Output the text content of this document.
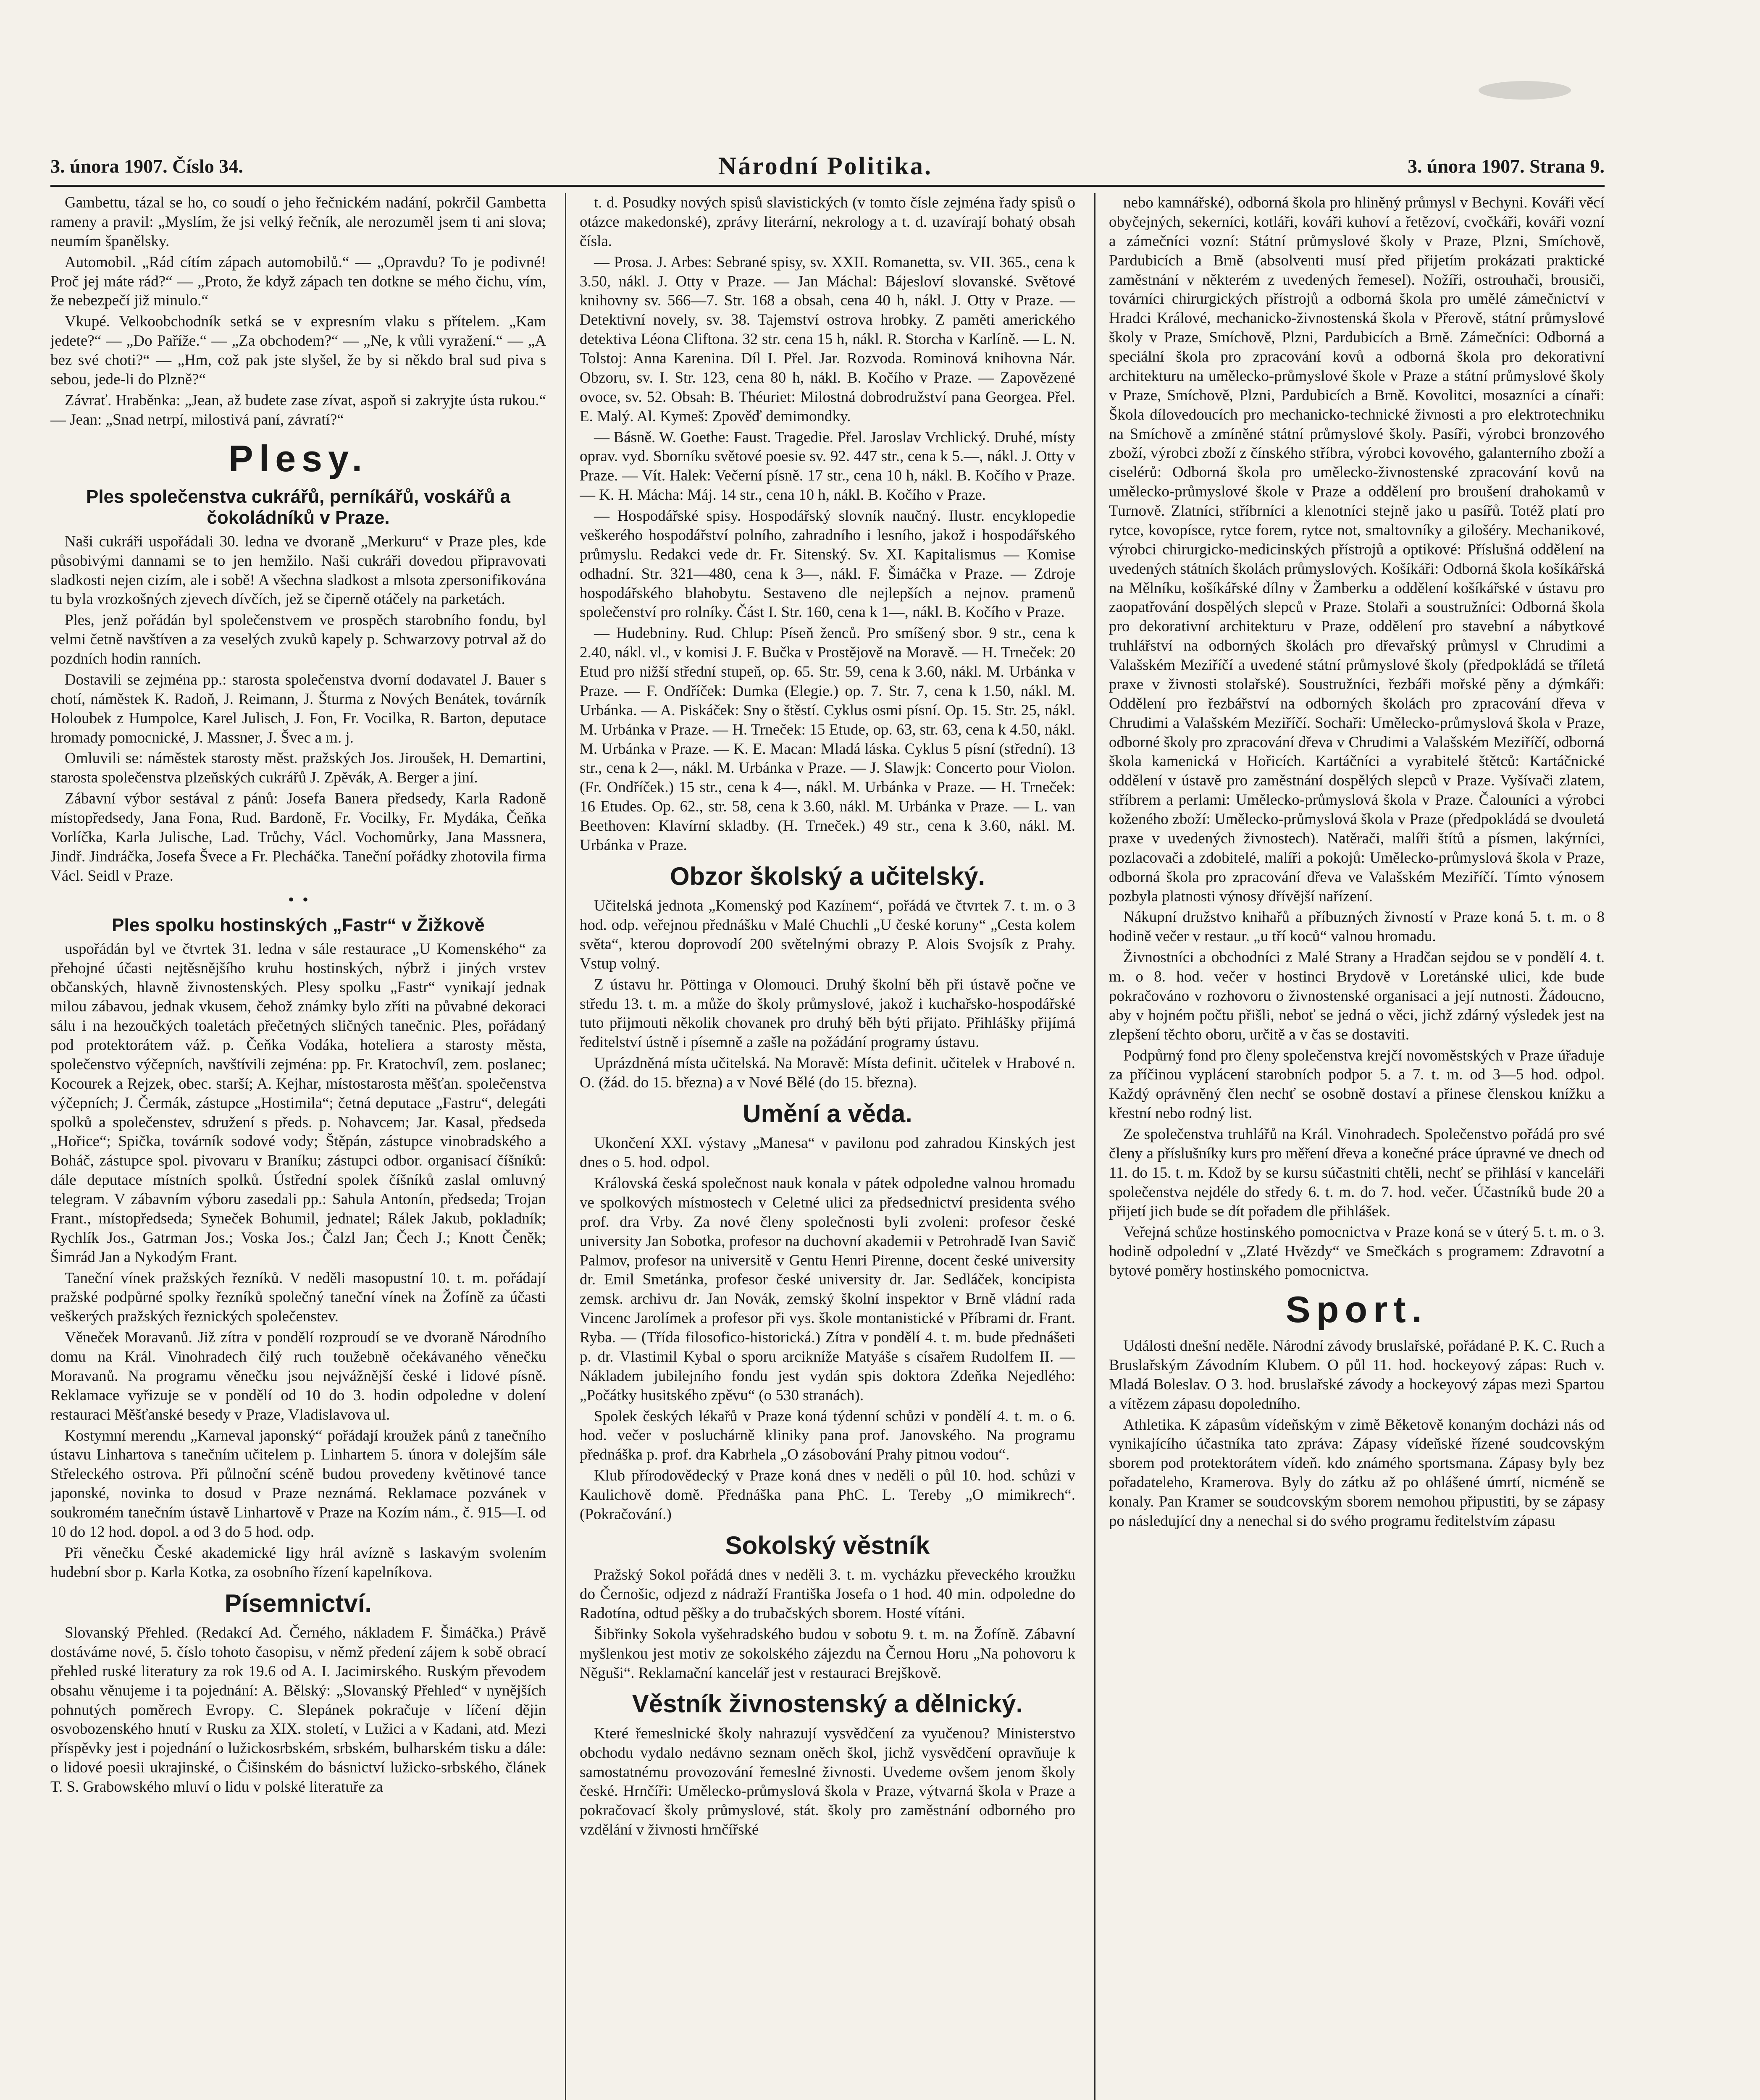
3. února 1907. Číslo 34.	Národní Politika.	3. února 1907. Strana 9.

Gambettu, tázal se ho, co soudí o jeho řečnickém nadání, pokrčil Gambetta rameny a pravil: „Myslím, že jsi velký řečník, ale nerozuměl jsem ti ani slova; neumím španělsky.

Automobil. „Rád cítím zápach automobilů.“ — „Opravdu? To je podivné! Proč jej máte rád?“ — „Proto, že když zápach ten dotkne se mého čichu, vím, že nebezpečí již minulo.“

Vkupé. Velkoobchodník setká se v expresním vlaku s přítelem. „Kam jedete?“ — „Do Paříže.“ — „Za obchodem?“ — „Ne, k vůli vyražení.“ — „A bez své choti?“ — „Hm, což pak jste slyšel, že by si někdo bral sud piva s sebou, jede-li do Plzně?“

Závrať. Hraběnka: „Jean, až budete zase zívat, aspoň si zakryjte ústa rukou.“ — Jean: „Snad netrpí, milostivá paní, závratí?“

Plesy.
Ples společenstva cukrářů, perníkářů, voskářů a čokoládníků v Praze.

Naši cukráři uspořádali 30. ledna ve dvoraně „Merkuru“ v Praze ples, kde působivými dannami se to jen hemžilo. Naši cukráři dovedou připravovati sladkosti nejen cizím, ale i sobě! A všechna sladkost a mlsota zpersonifikována tu byla vrozkošných zjevech dívčích, jež se čiperně otáčely na parketách.

Ples, jenž pořádán byl společenstvem ve prospěch starobního fondu, byl velmi četně navštíven a za veselých zvuků kapely p. Schwarzovy potrval až do pozdních hodin ranních.

Dostavili se zejména pp.: starosta společenstva dvorní dodavatel J. Bauer s chotí, náměstek K. Radoň, J. Reimann, J. Šturma z Nových Benátek, továrník Holoubek z Humpolce, Karel Julisch, J. Fon, Fr. Vocilka, R. Barton, deputace hromady pomocnické, J. Massner, J. Švec a m. j.

Omluvili se: náměstek starosty měst. pražských Jos. Jiroušek, H. Demartini, starosta společenstva plzeňských cukrářů J. Zpěvák, A. Berger a jiní.

Zábavní výbor sestával z pánů: Josefa Banera předsedy, Karla Radoně místopředsedy, Jana Fona, Rud. Bardoně, Fr. Vocilky, Fr. Mydáka, Čeňka Vorlíčka, Karla Julische, Lad. Trůchy, Václ. Vochomůrky, Jana Massnera, Jindř. Jindráčka, Josefa Švece a Fr. Plecháčka. Taneční pořádky zhotovila firma Václ. Seidl v Praze.

•  •
Ples spolku hostinských „Fastr“ v Žižkově

uspořádán byl ve čtvrtek 31. ledna v sále restaurace „U Komenského“ za přehojné účasti nejtěsnějšího kruhu hostinských, nýbrž i jiných vrstev občanských, hlavně živnostenských. Plesy spolku „Fastr“ vynikají jednak milou zábavou, jednak vkusem, čehož známky bylo zříti na půvabné dekoraci sálu i na hezoučkých toaletách přečetných sličných tanečnic. Ples, pořádaný pod protektorátem váž. p. Čeňka Vodáka, hoteliera a starosty města, společenstvo výčepních, navštívili zejména: pp. Fr. Kratochvíl, zem. poslanec; Kocourek a Rejzek, obec. starší; A. Kejhar, místostarosta měšťan. společenstva výčepních; J. Čermák, zástupce „Hostimila“; četná deputace „Fastru“, delegáti spolků a společenstev, sdružení s předs. p. Nohavcem; Jar. Kasal, předseda „Hořice“; Spička, továrník sodové vody; Štěpán, zástupce vinobradského a Boháč, zástupce spol. pivovaru v Braníku; zástupci odbor. organisací číšníků: dále deputace místních spolků. Ústřední spolek číšníků zaslal omluvný telegram. V zábavním výboru zasedali pp.: Sahula Antonín, předseda; Trojan Frant., místopředseda; Syneček Bohumil, jednatel; Rálek Jakub, pokladník; Rychlík Jos., Gatrman Jos.; Voska Jos.; Čalzl Jan; Čech J.; Knott Čeněk; Šimrád Jan a Nykodým Frant.

Taneční vínek pražských řezníků. V neděli masopustní 10. t. m. pořádají pražské podpůrné spolky řezníků společný taneční vínek na Žofíně za účasti veškerých pražských řeznických společenstev.

Věneček Moravanů. Již zítra v pondělí rozproudí se ve dvoraně Národního domu na Král. Vinohradech čilý ruch toužebně očekávaného věnečku Moravanů. Na programu věnečku jsou nejvážnější české i lidové písně. Reklamace vyřizuje se v pondělí od 10 do 3. hodin odpoledne v dolení restauraci Měšťanské besedy v Praze, Vladislavova ul.

Kostymní merendu „Karneval japonský“ pořádají kroužek pánů z tanečního ústavu Linhartova s tanečním učitelem p. Linhartem 5. února v dolejším sále Střeleckého ostrova. Při půlnoční scéně budou provedeny květinové tance japonské, novinka to dosud v Praze neznámá. Reklamace pozvánek v soukromém tanečním ústavě Linhartově v Praze na Kozím nám., č. 915—I. od 10 do 12 hod. dopol. a od 3 do 5 hod. odp.

Při věnečku České akademické ligy hrál avízně s laskavým svolením hudební sbor p. Karla Kotka, za osobního řízení kapelníkova.

Písemnictví.

Slovanský Přehled. (Redakcí Ad. Černého, nákladem F. Šimáčka.) Právě dostáváme nové, 5. číslo tohoto časopisu, v němž předení zájem k sobě obrací přehled ruské literatury za rok 19.6 od A. I. Jacimirského. Ruským převodem obsahu věnujeme i ta pojednání: A. Bělský: „Slovanský Přehled“ v nynějších pohnutých poměrech Evropy. C. Slepánek pokračuje v líčení dějin osvobozenského hnutí v Rusku za XIX. století, v Lužici a v Kadani, atd. Mezi příspěvky jest i pojednání o lužickosrbském, srbském, bulharském tisku a dále: o lidové poesii ukrajinské, o Čišinském do básnictví lužicko-srbského, článek T. S. Grabowského mluví o lidu v polské literatuře za

t. d. Posudky nových spisů slavistických (v tomto čísle zejména řady spisů o otázce makedonské), zprávy literární, nekrology a t. d. uzavírají bohatý obsah čísla.

— Prosa. J. Arbes: Sebrané spisy, sv. XXII. Romanetta, sv. VII. 365., cena k 3.50, nákl. J. Otty v Praze. — Jan Máchal: Bájesloví slovanské. Světové knihovny sv. 566—7. Str. 168 a obsah, cena 40 h, nákl. J. Otty v Praze. — Detektivní novely, sv. 38. Tajemství ostrova hrobky. Z paměti amerického detektiva Léona Cliftona. 32 str. cena 15 h, nákl. R. Storcha v Karlíně. — L. N. Tolstoj: Anna Karenina. Díl I. Přel. Jar. Rozvoda. Rominová knihovna Nár. Obzoru, sv. I. Str. 123, cena 80 h, nákl. B. Kočího v Praze. — Zapovězené ovoce, sv. 52. Obsah: B. Théuriet: Milostná dobrodružství pana Georgea. Přel. E. Malý. Al. Kymeš: Zpověď demimondky.

— Básně. W. Goethe: Faust. Tragedie. Přel. Jaroslav Vrchlický. Druhé, místy oprav. vyd. Sborníku světové poesie sv. 92. 447 str., cena k 5.—, nákl. J. Otty v Praze. — Vít. Halek: Večerní písně. 17 str., cena 10 h, nákl. B. Kočího v Praze. — K. H. Mácha: Máj. 14 str., cena 10 h, nákl. B. Kočího v Praze.

— Hospodářské spisy. Hospodářský slovník naučný. Ilustr. encyklopedie veškerého hospodářství polního, zahradního i lesního, jakož i hospodářského průmyslu. Redakci vede dr. Fr. Sitenský. Sv. XI. Kapitalismus — Komise odhadní. Str. 321—480, cena k 3—, nákl. F. Šimáčka v Praze. — Zdroje hospodářského blahobytu. Sestaveno dle nejlepších a nejnov. pramenů společenství pro rolníky. Část I. Str. 160, cena k 1—, nákl. B. Kočího v Praze.

— Hudebniny. Rud. Chlup: Píseň ženců. Pro smíšený sbor. 9 str., cena k 2.40, nákl. vl., v komisi J. F. Bučka v Prostějově na Moravě. — H. Trneček: 20 Etud pro nižší střední stupeň, op. 65. Str. 59, cena k 3.60, nákl. M. Urbánka v Praze. — F. Ondříček: Dumka (Elegie.) op. 7. Str. 7, cena k 1.50, nákl. M. Urbánka. — A. Piskáček: Sny o štěstí. Cyklus osmi písní. Op. 15. Str. 25, nákl. M. Urbánka v Praze. — H. Trneček: 15 Etude, op. 63, str. 63, cena k 4.50, nákl. M. Urbánka v Praze. — K. E. Macan: Mladá láska. Cyklus 5 písní (střední). 13 str., cena k 2—, nákl. M. Urbánka v Praze. — J. Slawjk: Concerto pour Violon. (Fr. Ondříček.) 15 str., cena k 4—, nákl. M. Urbánka v Praze. — H. Trneček: 16 Etudes. Op. 62., str. 58, cena k 3.60, nákl. M. Urbánka v Praze. — L. van Beethoven: Klavírní skladby. (H. Trneček.) 49 str., cena k 3.60, nákl. M. Urbánka v Praze.

Obzor školský a učitelský.

Učitelská jednota „Komenský pod Kazínem“, pořádá ve čtvrtek 7. t. m. o 3 hod. odp. veřejnou přednášku v Malé Chuchli „U české koruny“ „Cesta kolem světa“, kterou doprovodí 200 světelnými obrazy P. Alois Svojsík z Prahy. Vstup volný.

Z ústavu hr. Pöttinga v Olomouci. Druhý školní běh při ústavě počne ve středu 13. t. m. a může do školy průmyslové, jakož i kuchařsko-hospodářské tuto přijmouti několik chovanek pro druhý běh býti přijato. Přihlášky přijímá ředitelství ústně i písemně a zašle na požádání programy ústavu.

Uprázdněná místa učitelská. Na Moravě: Místa definit. učitelek v Hrabové n. O. (žád. do 15. března) a v Nové Bělé (do 15. března).

Umění a věda.

Ukončení XXI. výstavy „Manesa“ v pavilonu pod zahradou Kinských jest dnes o 5. hod. odpol.

Královská česká společnost nauk konala v pátek odpoledne valnou hromadu ve spolkových místnostech v Celetné ulici za předsednictví presidenta svého prof. dra Vrby. Za nové členy společnosti byli zvoleni: profesor české university Jan Sobotka, profesor na duchovní akademii v Petrohradě Ivan Savič Palmov, profesor na universitě v Gentu Henri Pirenne, docent české university dr. Emil Smetánka, profesor české university dr. Jar. Sedláček, koncipista zemsk. archivu dr. Jan Novák, zemský školní inspektor v Brně vládní rada Vincenc Jarolímek a profesor při vys. škole montanistické v Příbrami dr. Frant. Ryba. — (Třída filosofico-historická.) Zítra v pondělí 4. t. m. bude přednášeti p. dr. Vlastimil Kybal o sporu arcikníže Matyáše s císařem Rudolfem II. — Nákladem jubilejního fondu jest vydán spis doktora Zdeňka Nejedlého: „Počátky husitského zpěvu“ (o 530 stranách).

Spolek českých lékařů v Praze koná týdenní schůzi v pondělí 4. t. m. o 6. hod. večer v posluchárně kliniky pana prof. Janovského. Na programu přednáška p. prof. dra Kabrhela „O zásobování Prahy pitnou vodou“.

Klub přírodovědecký v Praze koná dnes v neděli o půl 10. hod. schůzi v Kaulichově domě. Přednáška pana PhC. L. Tereby „O mimikrech“. (Pokračování.)

Sokolský věstník

Pražský Sokol pořádá dnes v neděli 3. t. m. vycházku převeckého kroužku do Černošic, odjezd z nádraží Františka Josefa o 1 hod. 40 min. odpoledne do Radotína, odtud pěšky a do trubačských sborem. Hosté vítáni.

Šibřinky Sokola vyšehradského budou v sobotu 9. t. m. na Žofíně. Zábavní myšlenkou jest motiv ze sokolského zájezdu na Černou Horu „Na pohovoru k Něguši“. Reklamační kancelář jest v restauraci Brejškově.

Věstník živnostenský a dělnický.

Které řemeslnické školy nahrazují vysvědčení za vyučenou? Ministerstvo obchodu vydalo nedávno seznam oněch škol, jichž vysvědčení opravňuje k samostatnému provozování řemeslné živnosti. Uvedeme ovšem jenom školy české. Hrnčíři: Umělecko-průmyslová škola v Praze, výtvarná škola v Praze a pokračovací školy průmyslové, stát. školy pro zaměstnání odborného pro vzdělání v živnosti hrnčířské

nebo kamnářské), odborná škola pro hliněný průmysl v Bechyni. Kováři věcí obyčejných, sekerníci, kotláři, kováři kuhoví a řetězoví, cvočkáři, kováři vozní a zámečníci vozní: Státní průmyslové školy v Praze, Plzni, Smíchově, Pardubicích a Brně (absolventi musí před přijetím prokázati praktické zaměstnání v některém z uvedených řemesel). Nožíři, ostrouhači, brousiči, továrníci chirurgických přístrojů a odborná škola pro umělé zámečnictví v Hradci Králové, mechanicko-živnostenská škola v Přerově, státní průmyslové školy v Praze, Smíchově, Plzni, Pardubicích a Brně. Zámečníci: Odborná a speciální škola pro zpracování kovů a odborná škola pro dekorativní architekturu na umělecko-průmyslové škole v Praze a státní průmyslové školy v Praze, Smíchově, Plzni, Pardubicích a Brně. Kovolitci, mosazníci a cínaři: Škola dílovedoucích pro mechanicko-technické živnosti a pro elektrotechniku na Smíchově a zmíněné státní průmyslové školy. Pasíři, výrobci bronzového zboží, výrobci zboží z čínského stříbra, výrobci kovového, galanterního zboží a ciselérů: Odborná škola pro umělecko-živnostenské zpracování kovů na umělecko-průmyslové škole v Praze a oddělení pro broušení drahokamů v Turnově. Zlatníci, stříbrníci a klenotníci stejně jako u pasířů. Totéž platí pro rytce, kovopísce, rytce forem, rytce not, smaltovníky a gilošéry. Mechanikové, výrobci chirurgicko-medicinských přístrojů a optikové: Příslušná oddělení na uvedených státních školách průmyslových. Košíkáři: Odborná škola košíkářská na Mělníku, košíkářské dílny v Žamberku a oddělení košíkářské v ústavu pro zaopatřování dospělých slepců v Praze. Stolaři a soustružníci: Odborná škola pro dekorativní architekturu v Praze, oddělení pro stavební a nábytkové truhlářství na odborných školách pro dřevařský průmysl v Chrudimi a Valašském Meziříčí a uvedené státní průmyslové školy (předpokládá se tříletá praxe v živnosti stolařské). Soustružníci, řezbáři mořské pěny a dýmkáři: Oddělení pro řezbářství na odborných školách pro zpracování dřeva v Chrudimi a Valašském Meziříčí. Sochaři: Umělecko-průmyslová škola v Praze, odborné školy pro zpracování dřeva v Chrudimi a Valašském Meziříčí, odborná škola kamenická v Hořicích. Kartáčníci a vyrabitelé štětců: Kartáčnické oddělení v ústavě pro zaměstnání dospělých slepců v Praze. Vyšívači zlatem, stříbrem a perlami: Umělecko-průmyslová škola v Praze. Čalouníci a výrobci koženého zboží: Umělecko-průmyslová škola v Praze (předpokládá se dvouletá praxe v uvedených živnostech). Natěrači, malíři štítů a písmen, lakýrníci, pozlacovači a zdobitelé, malíři a pokojů: Umělecko-průmyslová škola v Praze, odborná škola pro zpracování dřeva ve Valašském Meziříčí. Tímto výnosem pozbyla platnosti výnosy dřívější nařízení.

Nákupní družstvo knihařů a příbuzných živností v Praze koná 5. t. m. o 8 hodině večer v restaur. „u tří koců“ valnou hromadu.

Živnostníci a obchodníci z Malé Strany a Hradčan sejdou se v pondělí 4. t. m. o 8. hod. večer v hostinci Brydově v Loretánské ulici, kde bude pokračováno v rozhovoru o živnostenské organisaci a její nutnosti. Žádoucno, aby v hojném počtu přišli, neboť se jedná o věci, jichž zdárný výsledek jest na zlepšení těchto oboru, určitě a v čas se dostaviti.

Podpůrný fond pro členy společenstva krejčí novoměstských v Praze úřaduje za příčinou vyplácení starobních podpor 5. a 7. t. m. od 3—5 hod. odpol. Každý oprávněný člen nechť se osobně dostaví a přinese členskou knížku a křestní nebo rodný list.

Ze společenstva truhlářů na Král. Vinohradech. Společenstvo pořádá pro své členy a příslušníky kurs pro měření dřeva a konečné práce úpravné ve dnech od 11. do 15. t. m. Kdož by se kursu súčastniti chtěli, nechť se přihlásí v kanceláři společenstva nejdéle do středy 6. t. m. do 7. hod. večer. Účastníků bude 20 a přijetí jich bude se dít pořadem dle přihlášek.

Veřejná schůze hostinského pomocnictva v Praze koná se v úterý 5. t. m. o 3. hodině odpolední v „Zlaté Hvězdy“ ve Smečkách s programem: Zdravotní a bytové poměry hostinského pomocnictva.

Sport.

Události dnešní neděle. Národní závody bruslařské, pořádané P. K. C. Ruch a Bruslařským Závodním Klubem. O půl 11. hod. hockeyový zápas: Ruch v. Mladá Boleslav. O 3. hod. bruslařské závody a hockeyový zápas mezi Spartou a vítězem zápasu dopoledního.

Athletika. K zápasům vídeňským v zimě Běketově konaným docházi nás od vynikajícího účastníka tato zpráva: Zápasy vídeňské řízené soudcovským sborem pod protektorátem vídeň. kdo známého sportsmana. Zápasy byly bez pořadateleho, Kramerova. Byly do zátku až po ohlášené úmrtí, nicméně se konaly. Pan Kramer se soudcovským sborem nemohou připustiti, by se zápasy po následující dny a nenechal si do svého programu ředitelstvím zápasu
